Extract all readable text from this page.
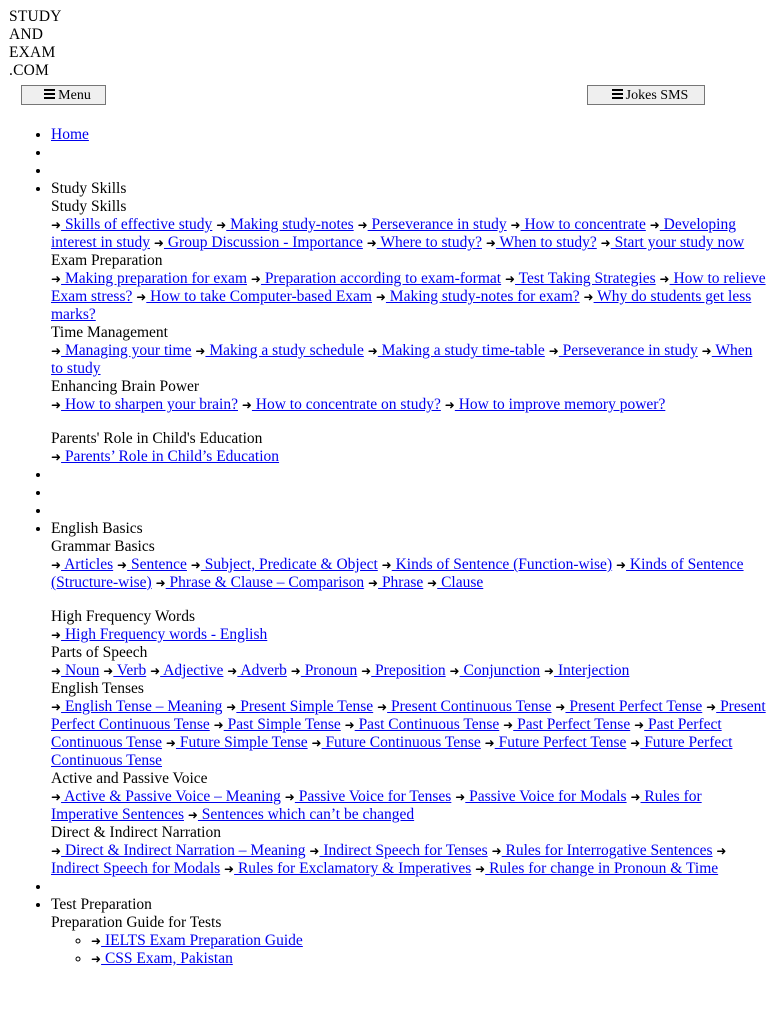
STUDY
AND
EXAM
.COM
Menu	Jokes SMS
• Home
•
•
• Study Skills
Study Skills
➜ Skills of effective study ➜ Making study-notes ➜ Perseverance in study ➜ How to concentrate ➜ Developing interest in study ➜ Group Discussion - Importance ➜ Where to study? ➜ When to study? ➜ Start your study now
Exam Preparation
➜ Making preparation for exam ➜ Preparation according to exam-format ➜ Test Taking Strategies ➜ How to relieve Exam stress? ➜ How to take Computer-based Exam ➜ Making study-notes for exam? ➜ Why do students get less marks?
Time Management
➜ Managing your time ➜ Making a study schedule ➜ Making a study time-table ➜ Perseverance in study ➜ When to study
Enhancing Brain Power
➜ How to sharpen your brain? ➜ How to concentrate on study? ➜ How to improve memory power?
Parents' Role in Child's Education
➜ Parents’ Role in Child’s Education
•
•
•
• English Basics
Grammar Basics
➜ Articles ➜ Sentence ➜ Subject, Predicate & Object ➜ Kinds of Sentence (Function-wise) ➜ Kinds of Sentence (Structure-wise) ➜ Phrase & Clause – Comparison ➜ Phrase ➜ Clause
High Frequency Words
➜ High Frequency words - English
Parts of Speech
➜ Noun ➜ Verb ➜ Adjective ➜ Adverb ➜ Pronoun ➜ Preposition ➜ Conjunction ➜ Interjection
English Tenses
➜ English Tense – Meaning ➜ Present Simple Tense ➜ Present Continuous Tense ➜ Present Perfect Tense ➜ Present Perfect Continuous Tense ➜ Past Simple Tense ➜ Past Continuous Tense ➜ Past Perfect Tense ➜ Past Perfect Continuous Tense ➜ Future Simple Tense ➜ Future Continuous Tense ➜ Future Perfect Tense ➜ Future Perfect Continuous Tense
Active and Passive Voice
➜ Active & Passive Voice – Meaning ➜ Passive Voice for Tenses ➜ Passive Voice for Modals ➜ Rules for Imperative Sentences ➜ Sentences which can’t be changed
Direct & Indirect Narration
➜ Direct & Indirect Narration – Meaning ➜ Indirect Speech for Tenses ➜ Rules for Interrogative Sentences ➜ Indirect Speech for Modals ➜ Rules for Exclamatory & Imperatives ➜ Rules for change in Pronoun & Time
•
• Test Preparation
Preparation Guide for Tests
◦ ➜ IELTS Exam Preparation Guide
◦ ➜ CSS Exam, Pakistan
